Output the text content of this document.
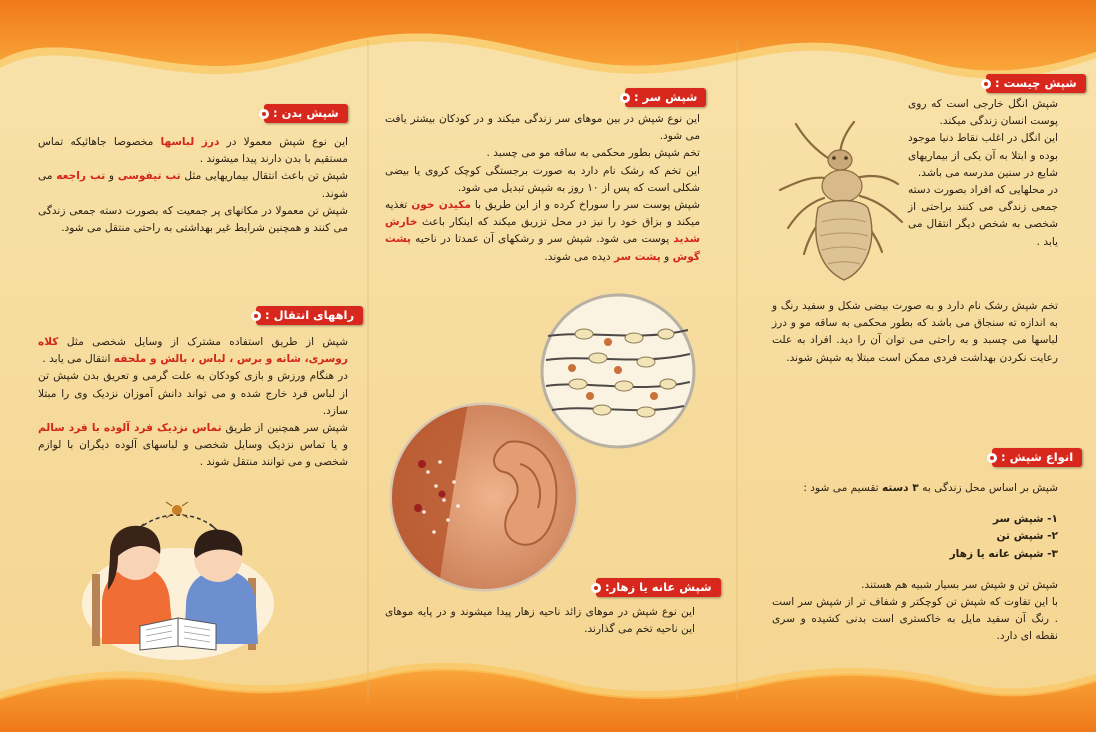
شپش چیست :

شپش انگل خارجی است که روی پوست انسان زندگی میکند.

این انگل در اغلب نقاط دنیا موجود بوده و ابتلا به آن یکی از بیماریهای شایع در سنین مدرسه می باشد.

در محلهایی که افراد بصورت دسته جمعی زندگی می کنند براحتی از شخصی به شخص دیگر انتقال می یابد .

تخم شپش رشک نام دارد و به صورت بیضی شکل و سفید رنگ و به اندازه ته سنجاق می باشد که بطور محکمی به ساقه مو و درز لباسها می چسبد و به راحتی می توان آن را دید. افراد به علت رعایت نکردن بهداشت فردی ممکن است مبتلا به شپش شوند.

انواع شپش :

شپش بر اساس محل زندگی به ۳ دسته تقسیم می شود :

۱- شپش سر
۲- شپش تن
۳- شپش عانه یا زهار

شپش تن و شپش سر بسیار شبیه هم هستند.

با این تفاوت که شپش تن کوچکتر و شفاف تر از شپش سر است . رنگ آن سفید مایل به خاکستری است بدنی کشیده و سری نقطه ای دارد.

شپش سر :

این نوع شپش در بین موهای سر زندگی میکند و در کودکان بیشتر یافت می شود.

تخم شپش بطور محکمی به ساقه مو می چسبد .

این تخم که رشک نام دارد به صورت برجستگی کوچک کروی یا بیضی شکلی است که پس از ۱۰ روز به شپش تبدیل می شود.

شپش پوست سر را سوراخ کرده و از این طریق با مکیدن خون تغذیه میکند و بزاق خود را نیز در محل تزریق میکند که اینکار باعث خارش شدید پوست می شود. شپش سر و رشکهای آن عمدتا در ناحیه پشت گوش و پشت سر دیده می شوند.

شپش عانه یا زهار:

این نوع شپش در موهای زائد ناحیه زهار پیدا میشوند و در پایه موهای این ناحیه تخم می گذارند.

شپش بدن :

این نوع شپش معمولا در درز لباسها مخصوصا جاهائیکه تماس مستقیم با بدن دارند پیدا میشوند .

شپش تن باعث انتقال بیماریهایی مثل تب تیفوسی و تب راجعه می شوند.

شپش تن معمولا در مکانهای پر جمعیت که بصورت دسته جمعی زندگی می کنند و همچنین شرایط غیر بهداشتی به راحتی منتقل می شود.

راههای انتقال :

شپش از طریق استفاده مشترک از وسایل شخصی مثل کلاه روسری، شانه و برس ، لباس ، بالش و ملحفه انتقال می یابد .

در هنگام ورزش و بازی کودکان به علت گرمی و تعریق بدن شپش تن از لباس فرد خارج شده و می تواند دانش آموزان نزدیک وی را مبتلا سازد.

شپش سر همچنین از طریق تماس نزدیک فرد آلوده با فرد سالم و یا تماس نزدیک وسایل شخصی و لباسهای آلوده دیگران با لوازم شخصی و می توانند منتقل شوند .
